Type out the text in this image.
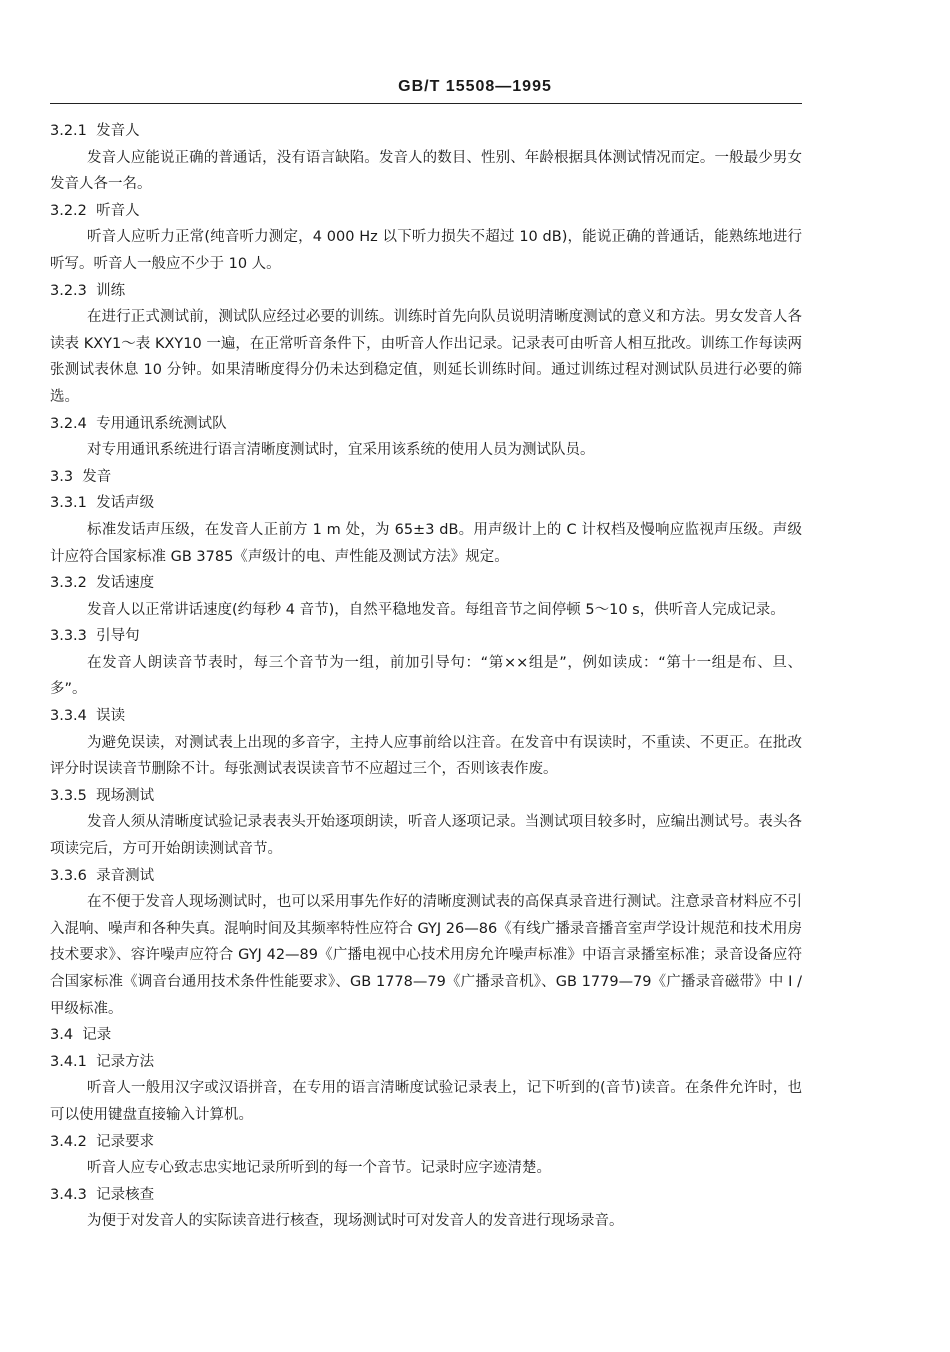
GB/T 15508—1995

3.2.1  发音人

发音人应能说正确的普通话，没有语言缺陷。发音人的数目、性别、年龄根据具体测试情况而定。一般最少男女发音人各一名。

3.2.2  听音人

听音人应听力正常(纯音听力测定，4 000 Hz 以下听力损失不超过 10 dB)，能说正确的普通话，能熟练地进行听写。听音人一般应不少于 10 人。

3.2.3  训练

在进行正式测试前，测试队应经过必要的训练。训练时首先向队员说明清晰度测试的意义和方法。男女发音人各读表 KXY1～表 KXY10 一遍，在正常听音条件下，由听音人作出记录。记录表可由听音人相互批改。训练工作每读两张测试表休息 10 分钟。如果清晰度得分仍未达到稳定值，则延长训练时间。通过训练过程对测试队员进行必要的筛选。

3.2.4  专用通讯系统测试队

对专用通讯系统进行语言清晰度测试时，宜采用该系统的使用人员为测试队员。

3.3  发音

3.3.1  发话声级

标准发话声压级，在发音人正前方 1 m 处，为 65±3 dB。用声级计上的 C 计权档及慢响应监视声压级。声级计应符合国家标准 GB 3785《声级计的电、声性能及测试方法》规定。

3.3.2  发话速度

发音人以正常讲话速度(约每秒 4 音节)，自然平稳地发音。每组音节之间停顿 5～10 s，供听音人完成记录。

3.3.3  引导句

在发音人朗读音节表时，每三个音节为一组，前加引导句：“第××组是”，例如读成：“第十一组是布、旦、多”。

3.3.4  误读

为避免误读，对测试表上出现的多音字，主持人应事前给以注音。在发音中有误读时，不重读、不更正。在批改评分时误读音节删除不计。每张测试表误读音节不应超过三个，否则该表作废。

3.3.5  现场测试

发音人须从清晰度试验记录表表头开始逐项朗读，听音人逐项记录。当测试项目较多时，应编出测试号。表头各项读完后，方可开始朗读测试音节。

3.3.6  录音测试

在不便于发音人现场测试时，也可以采用事先作好的清晰度测试表的高保真录音进行测试。注意录音材料应不引入混响、噪声和各种失真。混响时间及其频率特性应符合 GYJ 26—86《有线广播录音播音室声学设计规范和技术用房技术要求》、容许噪声应符合 GYJ 42—89《广播电视中心技术用房允许噪声标准》中语言录播室标准；录音设备应符合国家标准《调音台通用技术条件性能要求》、GB 1778—79《广播录音机》、GB 1779—79《广播录音磁带》中 I /甲级标准。

3.4  记录

3.4.1  记录方法

听音人一般用汉字或汉语拼音，在专用的语言清晰度试验记录表上，记下听到的(音节)读音。在条件允许时，也可以使用键盘直接输入计算机。

3.4.2  记录要求

听音人应专心致志忠实地记录所听到的每一个音节。记录时应字迹清楚。

3.4.3  记录核查

为便于对发音人的实际读音进行核查，现场测试时可对发音人的发音进行现场录音。
